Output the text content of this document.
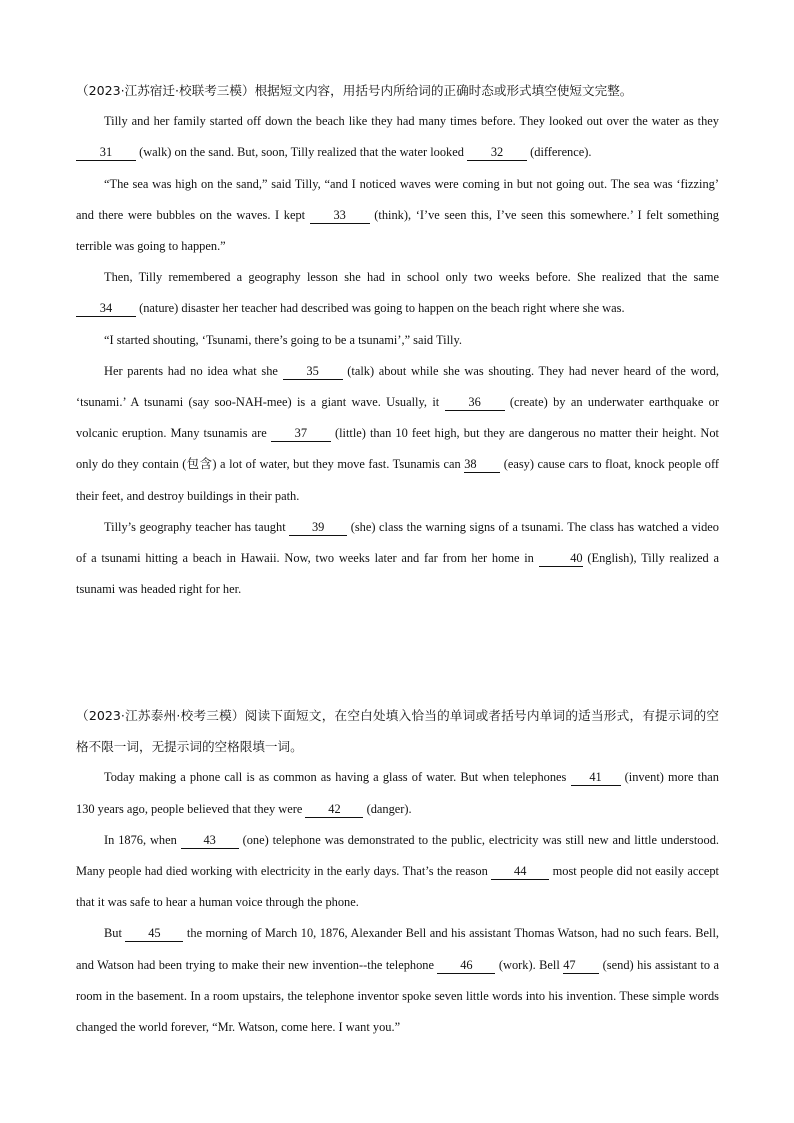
（2023·江苏宿迁·校联考三模）根据短文内容，用括号内所给词的正确时态或形式填空使短文完整。

Tilly and her family started off down the beach like they had many times before. They looked out over the water as they 31 (walk) on the sand. But, soon, Tilly realized that the water looked 32 (difference).

“The sea was high on the sand,” said Tilly, “and I noticed waves were coming in but not going out. The sea was ‘fizzing’ and there were bubbles on the waves. I kept 33 (think), ‘I’ve seen this, I’ve seen this somewhere.’ I felt something terrible was going to happen.”

Then, Tilly remembered a geography lesson she had in school only two weeks before. She realized that the same 34 (nature) disaster her teacher had described was going to happen on the beach right where she was.

“I started shouting, ‘Tsunami, there’s going to be a tsunami’,” said Tilly.

Her parents had no idea what she 35 (talk) about while she was shouting. They had never heard of the word, ‘tsunami.’ A tsunami (say soo-NAH-mee) is a giant wave. Usually, it 36 (create) by an underwater earthquake or volcanic eruption. Many tsunamis are 37 (little) than 10 feet high, but they are dangerous no matter their height. Not only do they contain (包含) a lot of water, but they move fast. Tsunamis can 38 (easy) cause cars to float, knock people off their feet, and destroy buildings in their path.

Tilly’s geography teacher has taught 39 (she) class the warning signs of a tsunami. The class has watched a video of a tsunami hitting a beach in Hawaii. Now, two weeks later and far from her home in	40 (English), Tilly realized a tsunami was headed right for her.

（2023·江苏泰州·校考三模）阅读下面短文，在空白处填入恰当的单词或者括号内单词的适当形式，有提示词的空格不限一词，无提示词的空格限填一词。

Today making a phone call is as common as having a glass of water. But when telephones 41 (invent) more than 130 years ago, people believed that they were 42 (danger).

In 1876, when 43 (one) telephone was demonstrated to the public, electricity was still new and little understood. Many people had died working with electricity in the early days. That’s the reason 44 most people did not easily accept that it was safe to hear a human voice through the phone.

But 45 the morning of March 10, 1876, Alexander Bell and his assistant Thomas Watson, had no such fears. Bell, and Watson had been trying to make their new invention--the telephone 46 (work). Bell 47 (send) his assistant to a room in the basement. In a room upstairs, the telephone inventor spoke seven little words into his invention. These simple words changed the world forever, “Mr. Watson, come here. I want you.”
